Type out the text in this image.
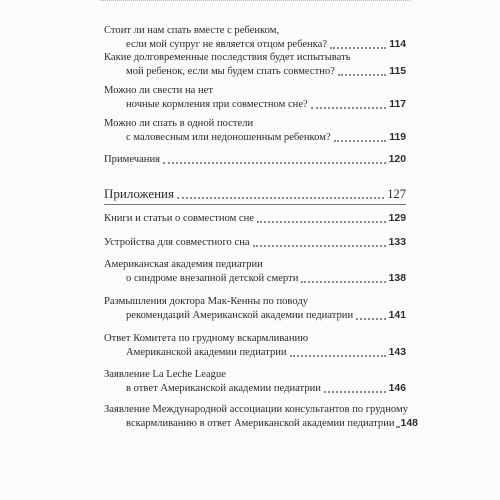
Стоит ли нам спать вместе с ребенком,
если мой супруг не является отцом ребенка?	114
Какие долговременные последствия будет испытывать
мой ребенок, если мы будем спать совместно?	115
Можно ли свести на нет
ночные кормления при совместном сне?	117
Можно ли спать в одной постели
с маловесным или недоношенным ребенком?	119
Примечания	120
Приложения	127
Книги и статьи о совместном сне	129
Устройства для совместного сна	133
Американская академия педиатрии
о синдроме внезапной детской смерти	138
Размышления доктора Мак-Кенны по поводу
рекомендаций Американской академии педиатрии	141
Ответ Комитета по грудному вскармливанию
Американской академии педиатрии	143
Заявление La Leche League
в ответ Американской академии педиатрии	146
Заявление Международной ассоциации консультантов по грудному
вскармливанию в ответ Американской академии педиатрии 148
